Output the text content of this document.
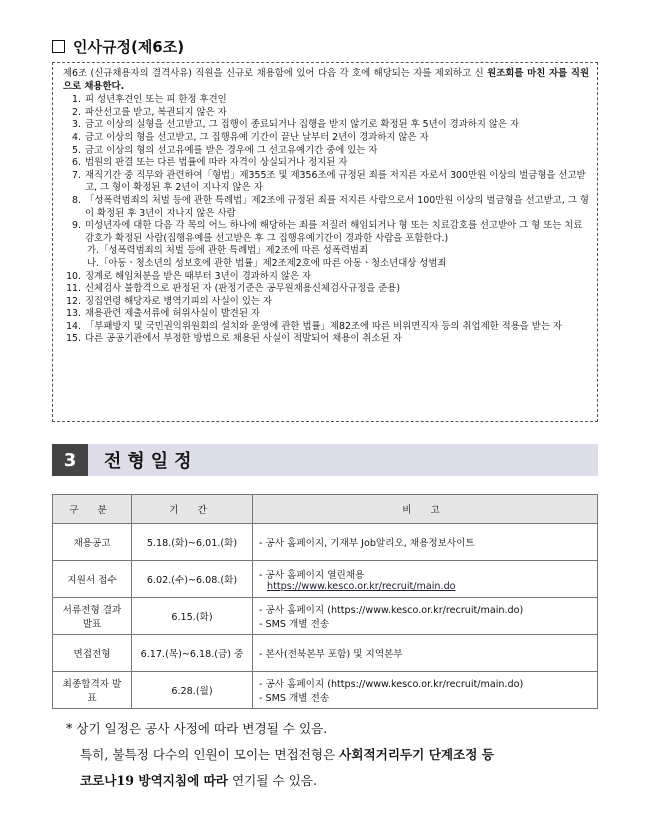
인사규정(제6조)

제6조 (신규채용자의 결격사유) 직원을 신규로 채용함에 있어 다음 각 호에 해당되는 자를 제외하고 신 원조회를 마친 자를 직원으로 채용한다.

1. 피 성년후견인 또는 피 한정 후견인
2. 파산선고를 받고, 복권되지 않은 자
3. 금고 이상의 실형을 선고받고, 그 집행이 종료되거나 집행을 받지 않기로 확정된 후 5년이 경과하지 않은 자
4. 금고 이상의 형을 선고받고, 그 집행유예 기간이 끝난 날부터 2년이 경과하지 않은 자
5. 금고 이상의 형의 선고유예를 받은 경우에 그 선고유예기간 중에 있는 자
6. 법원의 판결 또는 다른 법률에 따라 자격이 상실되거나 정지된 자
7. 재직기간 중 직무와 관련하여「형법」제355조 및 제356조에 규정된 죄를 저지른 자로서 300만원 이상의 벌금형을 선고받고, 그 형이 확정된 후 2년이 지나지 않은 자
8. 「성폭력범죄의 처벌 등에 관한 특례법」제2조에 규정된 죄를 저지른 사람으로서 100만원 이상의 벌금형을 선고받고, 그 형이 확정된 후 3년이 지나지 않은 사람
9. 미성년자에 대한 다음 각 목의 어느 하나에 해당하는 죄를 저질러 해임되거나 형 또는 치료감호를 선고받아 그 형 또는 치료감호가 확정된 사람(집행유예를 선고받은 후 그 집행유예기간이 경과한 사람을 포함한다.)
가.「성폭력범죄의 처벌 등에 관한 특례법」제2조에 따른 성폭력범죄
나.「아동ㆍ청소년의 성보호에 관한 법률」제2조제2호에 따른 아동ㆍ청소년대상 성범죄
10. 징계로 해임처분을 받은 때부터 3년이 경과하지 않은 자
11. 신체검사 불합격으로 판정된 자 (판정기준은 공무원채용신체검사규정을 준용)
12. 징집연령 해당자로 병역기피의 사실이 있는 자
13. 채용관련 제출서류에 허위사실이 발견된 자
14. 「부패방지 및 국민권익위원회의 설치와 운영에 관한 법률」제82조에 따른 비위면직자 등의 취업제한 적용을 받는 자
15. 다른 공공기관에서 부정한 방법으로 채용된 사실이 적발되어 채용이 취소된 자
3	전형일정
구 분	기 간	비 고
채용공고	5.18.(화)~6.01.(화)	- 공사 홈페이지, 기재부 Job알리오, 채용정보사이트

지원서 접수	6.02.(수)~6.08.(화)	- 공사 홈페이지 열린채용
https://www.kesco.or.kr/recruit/main.do

서류전형 결과발표	6.15.(화)	- 공사 홈페이지 (https://www.kesco.or.kr/recruit/main.do)
- SMS 개별 전송

면접전형	6.17.(목)~6.18.(금) 중	- 본사(전북본부 포함) 및 지역본부

최종합격자 발표	6.28.(월)	- 공사 홈페이지 (https://www.kesco.or.kr/recruit/main.do)
- SMS 개별 전송
* 상기 일정은 공사 사정에 따라 변경될 수 있음.
특히, 불특정 다수의 인원이 모이는 면접전형은 사회적거리두기 단계조정 등
코로나19 방역지침에 따라 연기될 수 있음.
